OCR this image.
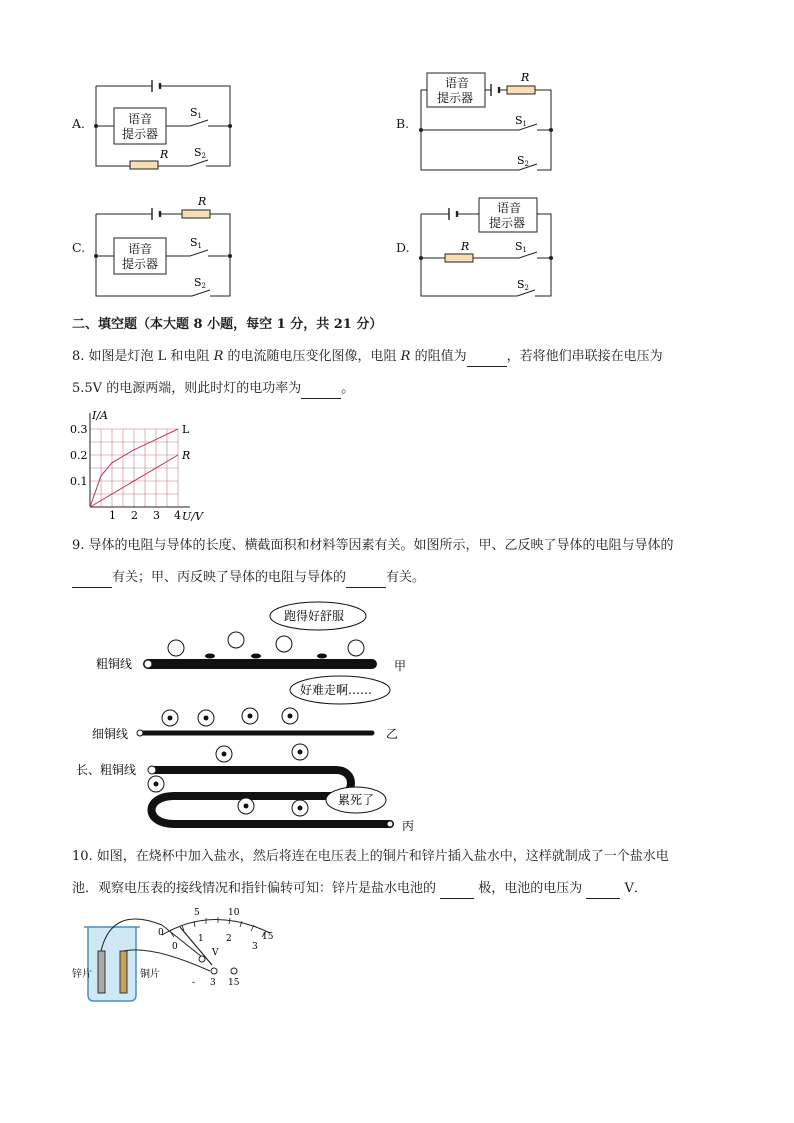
A.	B.
C.	D.
语音
提示器
R
S1
S2
语音
提示器
R
S1
S2
语音
提示器
R
S1
S2
语音
提示器
R	S1
S2
二、填空题（本大题 8 小题，每空 1 分，共 21 分）
8. 如图是灯泡 L 和电阻 R 的电流随电压变化图像，电阻 R 的阻值为	，若将他们串联接在电压为
5.5V 的电源两端，则此时灯的电功率为	。
I/A
U/V
0.3
0.2
0.1
1 2 3 4
L
R
9. 导体的电阻与导体的长度、横截面积和材料等因素有关。如图所示，甲、乙反映了导体的电阻与导体的
有关；甲、丙反映了导体的电阻与导体的	有关。
跑得好舒服
好难走啊……
累死了
粗铜线
细铜线
长、粗铜线
甲
乙
丙
10. 如图，在烧杯中加入盐水，然后将连在电压表上的铜片和锌片插入盐水中，这样就制成了一个盐水电
池．观察电压表的接线情况和指针偏转可知：锌片是盐水电池的	极，电池的电压为	V．
0
5	10
15
0
1 2
3
V
- 3 15
锌片	铜片
